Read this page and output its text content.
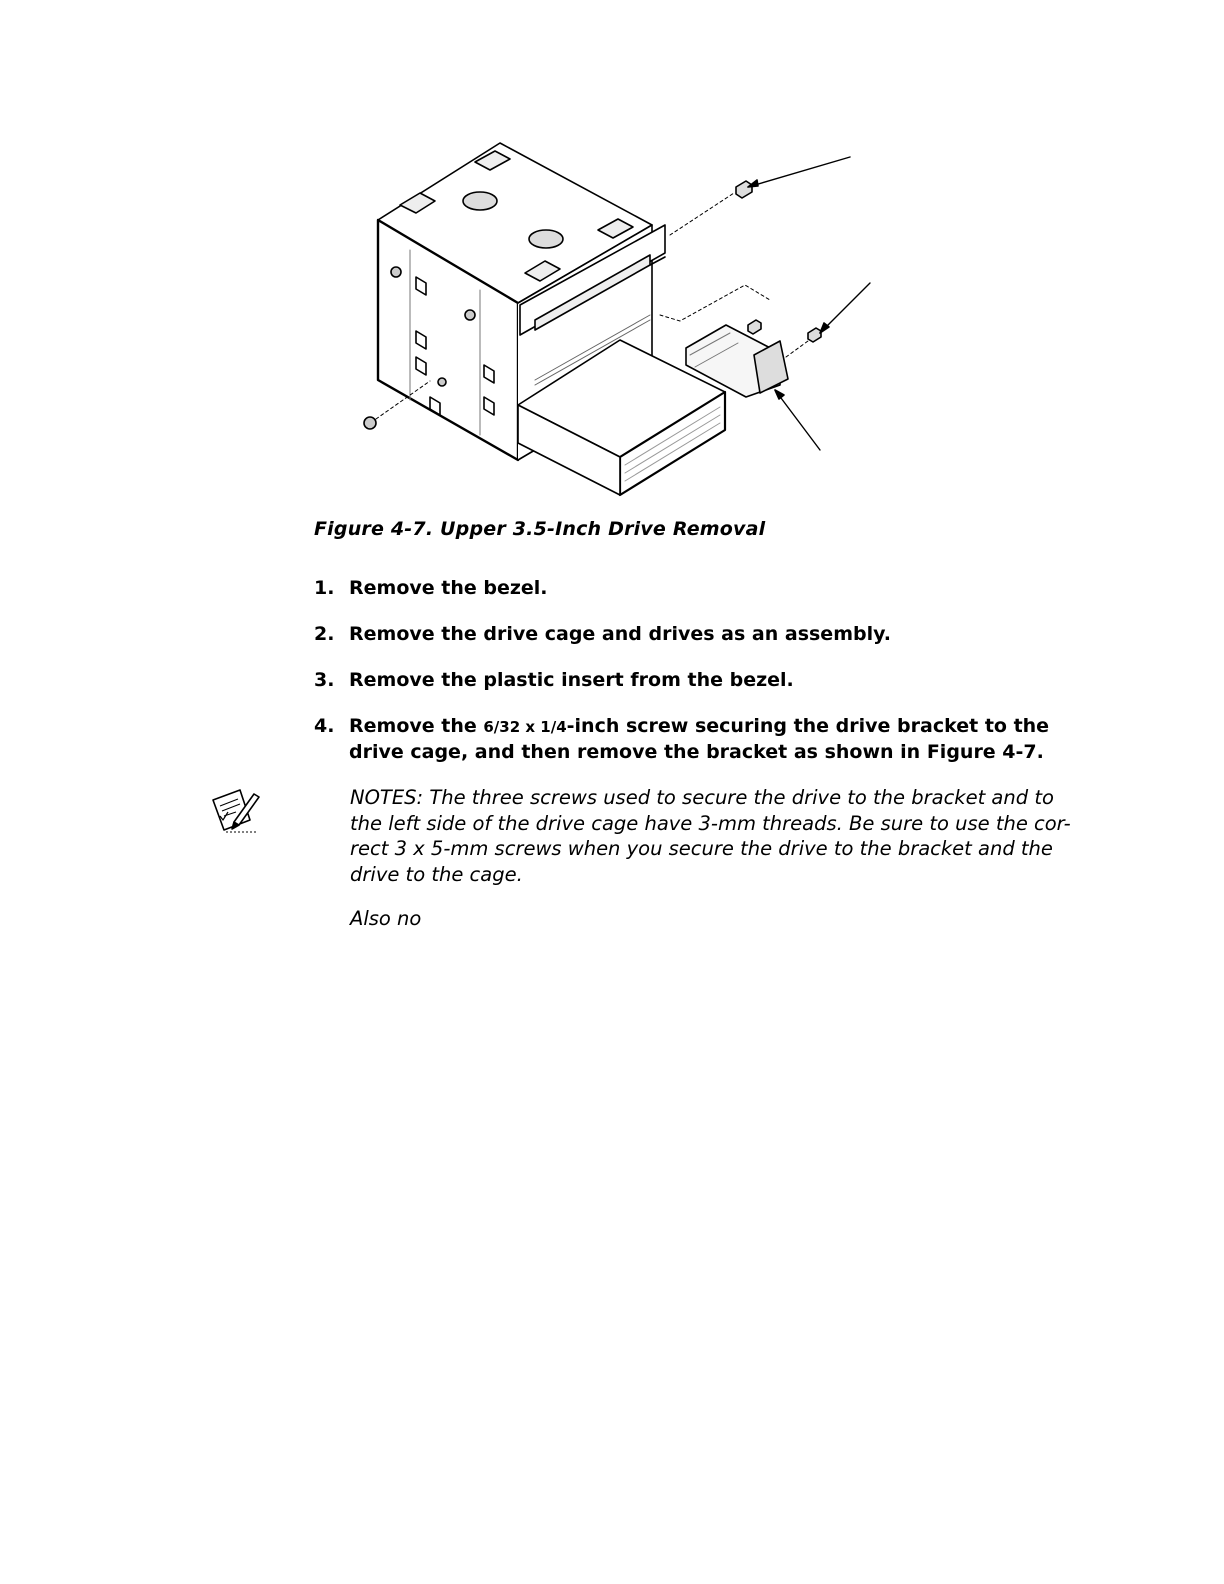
Figure 4-7. Upper 3.5-Inch Drive Removal
1. Remove the bezel.
2. Remove the drive cage and drives as an assembly.
3. Remove the plastic insert from the bezel.
4. Remove the 6/32 x 1/4-inch screw securing the drive bracket to the drive cage, and then remove the bracket as shown in Figure 4-7.

NOTES: The three screws used to secure the drive to the bracket and to
the left side of the drive cage have 3-mm threads. Be sure to use the cor-
rect 3 x 5-mm screws when you secure the drive to the bracket and the
drive to the cage.

Also no
